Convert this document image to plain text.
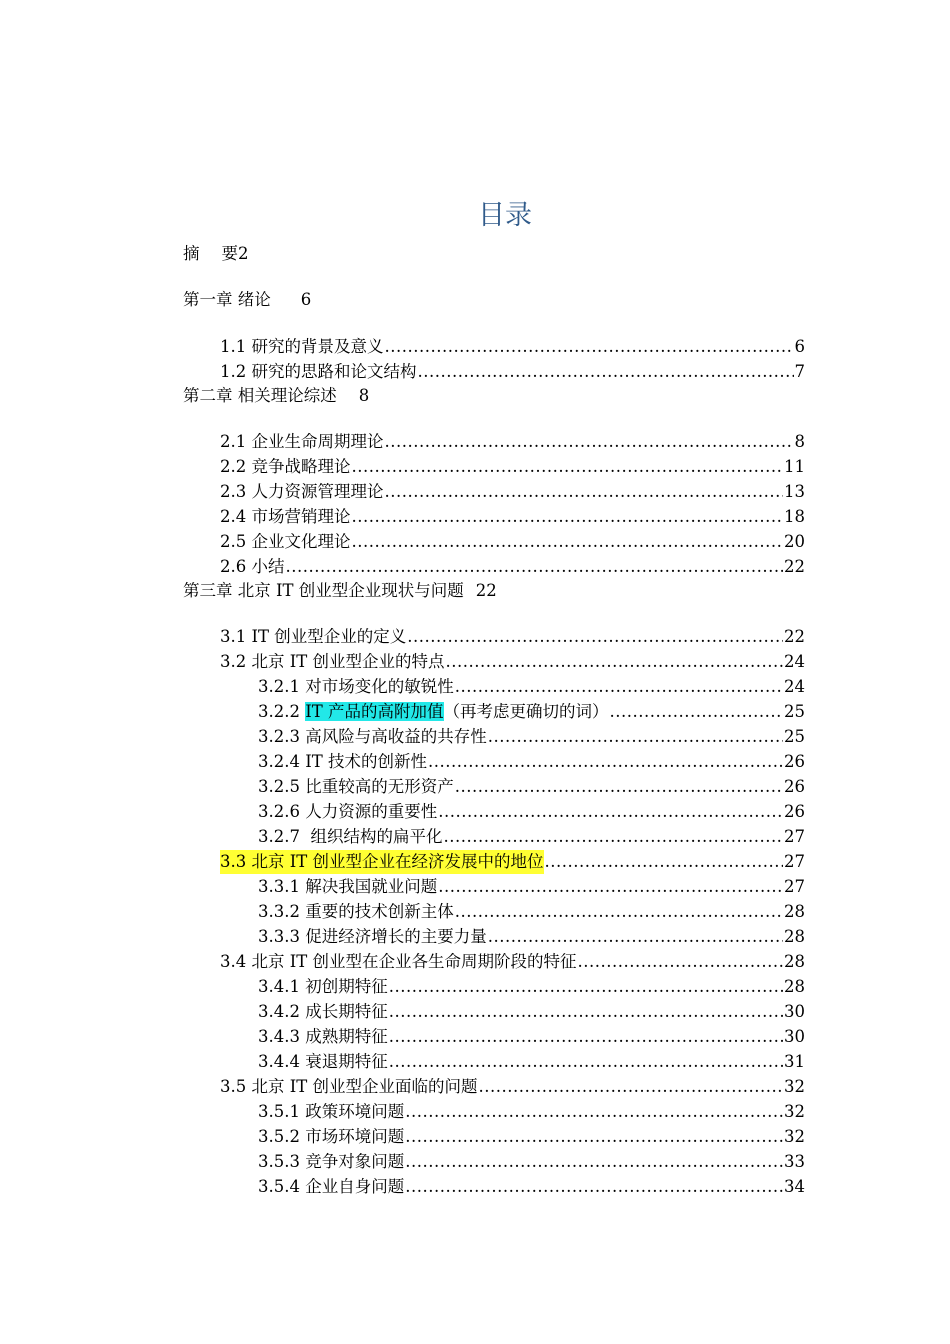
目录
摘 要2
第一章 绪论 6
1.1 研究的背景及意义 .....	6
1.2 研究的思路和论文结构 .....	7
第二章 相关理论综述 8
2.1 企业生命周期理论 .....	8
2.2 竞争战略理论 .....	11
2.3 人力资源管理理论 .....	13
2.4 市场营销理论 .....	18
2.5 企业文化理论 .....	20
2.6 小结 .....	22
第三章 北京 IT 创业型企业现状与问题 22
3.1 IT 创业型企业的定义 .....	22
3.2 北京 IT 创业型企业的特点 .....	24
3.2.1 对市场变化的敏锐性 .....	24
3.2.2 IT 产品的高附加值（再考虑更确切的词） .....	25
3.2.3 高风险与高收益的共存性 .....	25
3.2.4 IT 技术的创新性 .....	26
3.2.5 比重较高的无形资产 .....	26
3.2.6 人力资源的重要性 .....	26
3.2.7  组织结构的扁平化 .....	27
3.3 北京 IT 创业型企业在经济发展中的地位 .....	27
3.3.1 解决我国就业问题 .....	27
3.3.2 重要的技术创新主体 .....	28
3.3.3 促进经济增长的主要力量 .....	28
3.4 北京 IT 创业型在企业各生命周期阶段的特征 .....	28
3.4.1 初创期特征 .....	28
3.4.2 成长期特征 .....	30
3.4.3 成熟期特征 .....	30
3.4.4 衰退期特征 .....	31
3.5 北京 IT 创业型企业面临的问题 .....	32
3.5.1 政策环境问题 .....	32
3.5.2 市场环境问题 .....	32
3.5.3 竞争对象问题 .....	33
3.5.4 企业自身问题 .....	34
